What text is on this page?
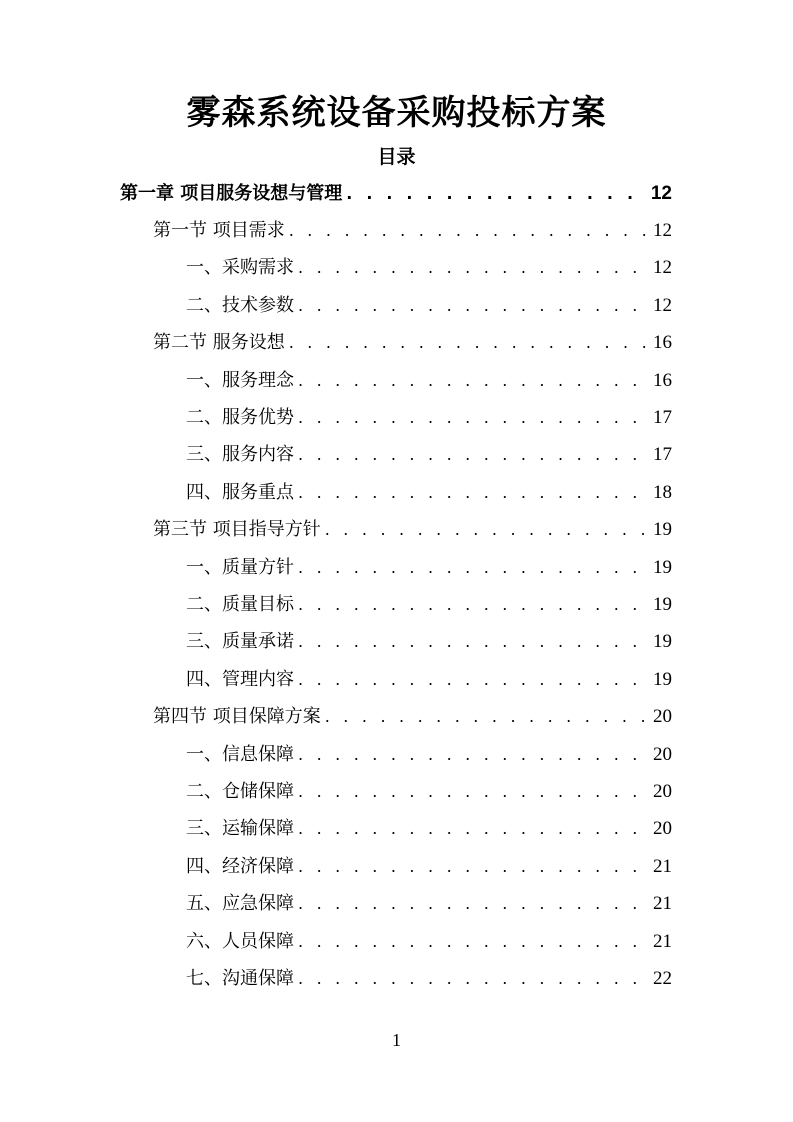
雾森系统设备采购投标方案
目录
第一章 项目服务设想与管理 . . .	12
第一节 项目需求 . . .	12
一、采购需求 . . .	12
二、技术参数 . . .	12
第二节 服务设想 . . .	16
一、服务理念 . . .	16
二、服务优势 . . .	17
三、服务内容 . . .	17
四、服务重点 . . .	18
第三节 项目指导方针 . . .	19
一、质量方针 . . .	19
二、质量目标 . . .	19
三、质量承诺 . . .	19
四、管理内容 . . .	19
第四节 项目保障方案 . . .	20
一、信息保障 . . .	20
二、仓储保障 . . .	20
三、运输保障 . . .	20
四、经济保障 . . .	21
五、应急保障 . . .	21
六、人员保障 . . .	21
七、沟通保障 . . .	22
1
